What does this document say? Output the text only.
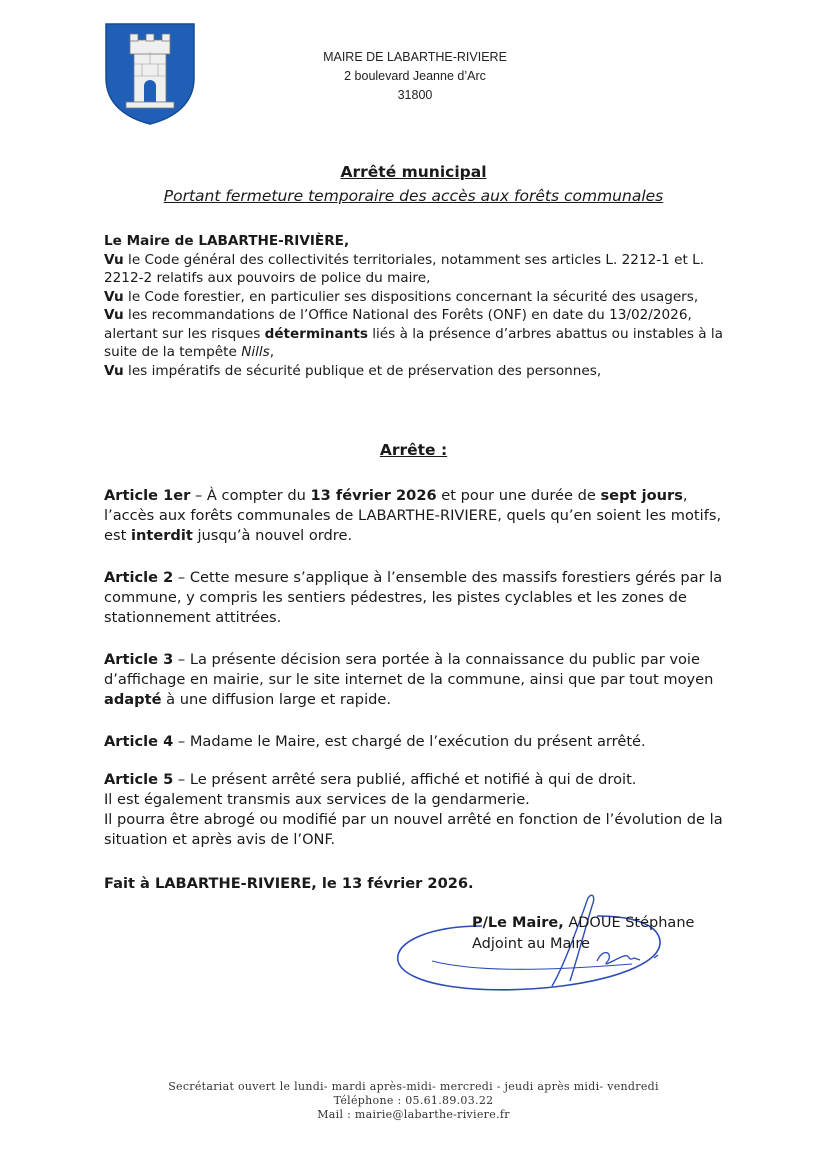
MAIRE DE LABARTHE-RIVIERE
2 boulevard Jeanne d’Arc
31800
Arrêté municipal
Portant fermeture temporaire des accès aux forêts communales

Le Maire de LABARTHE-RIVIÈRE,

Vu le Code général des collectivités territoriales, notamment ses articles L. 2212-1 et L. 2212-2 relatifs aux pouvoirs de police du maire,

Vu le Code forestier, en particulier ses dispositions concernant la sécurité des usagers,

Vu les recommandations de l’Office National des Forêts (ONF) en date du 13/02/2026, alertant sur les risques déterminants liés à la présence d’arbres abattus ou instables à la suite de la tempête Nills,

Vu les impératifs de sécurité publique et de préservation des personnes,

Arrête :

Article 1er – À compter du 13 février 2026 et pour une durée de sept jours, l’accès aux forêts communales de LABARTHE-RIVIERE, quels qu’en soient les motifs, est interdit jusqu’à nouvel ordre.

Article 2 – Cette mesure s’applique à l’ensemble des massifs forestiers gérés par la commune, y compris les sentiers pédestres, les pistes cyclables et les zones de stationnement attitrées.

Article 3 – La présente décision sera portée à la connaissance du public par voie d’affichage en mairie, sur le site internet de la commune, ainsi que par tout moyen adapté à une diffusion large et rapide.

Article 4 – Madame le Maire, est chargé de l’exécution du présent arrêté.

Article 5 – Le présent arrêté sera publié, affiché et notifié à qui de droit.

Il est également transmis aux services de la gendarmerie.

Il pourra être abrogé ou modifié par un nouvel arrêté en fonction de l’évolution de la situation et après avis de l’ONF.

Fait à LABARTHE-RIVIERE, le 13 février 2026.
P/Le Maire, ADOUE Stéphane
Adjoint au Maire

Secrétariat ouvert le lundi- mardi après-midi- mercredi - jeudi après midi- vendredi

Téléphone : 05.61.89.03.22

Mail : mairie@labarthe-riviere.fr
